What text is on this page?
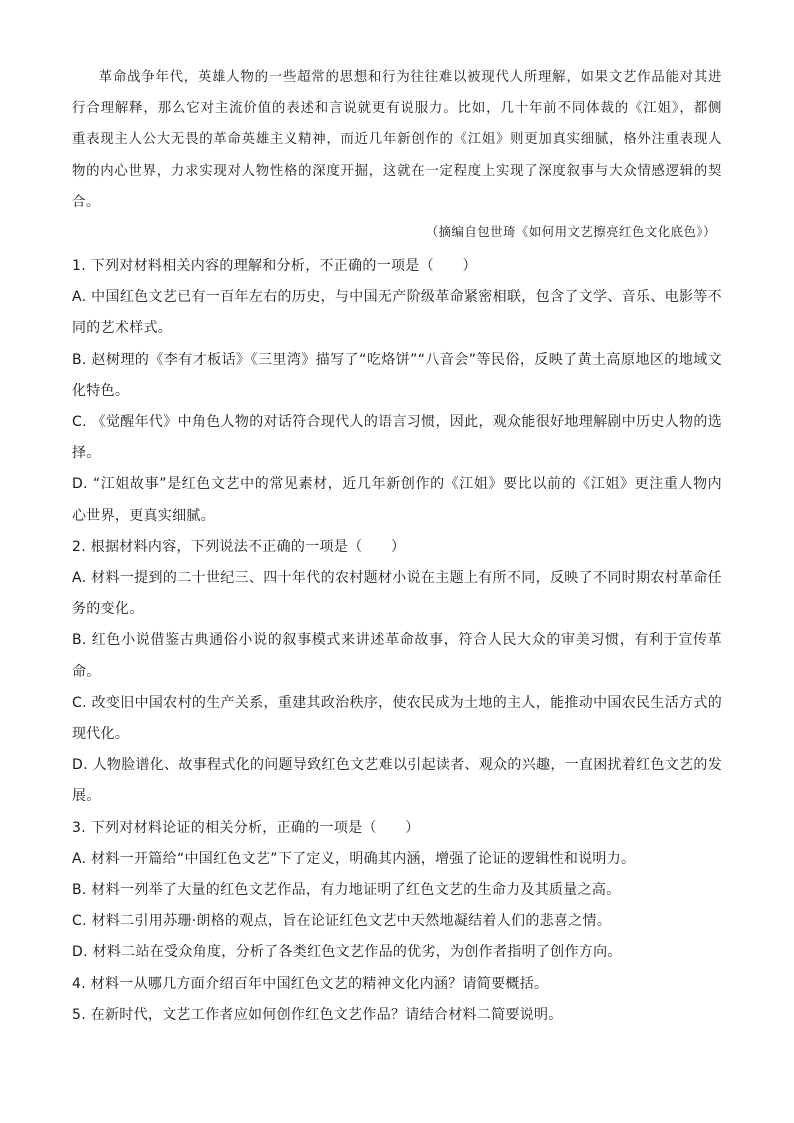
革命战争年代，英雄人物的一些超常的思想和行为往往难以被现代人所理解，如果文艺作品能对其进行合理解释，那么它对主流价值的表述和言说就更有说服力。比如，几十年前不同体裁的《江姐》，都侧重表现主人公大无畏的革命英雄主义精神，而近几年新创作的《江姐》则更加真实细腻，格外注重表现人物的内心世界，力求实现对人物性格的深度开掘，这就在一定程度上实现了深度叙事与大众情感逻辑的契合。

（摘编自包世琦《如何用文艺擦亮红色文化底色》）

1. 下列对材料相关内容的理解和分析，不正确的一项是（　　）

A. 中国红色文艺已有一百年左右的历史，与中国无产阶级革命紧密相联，包含了文学、音乐、电影等不同的艺术样式。

B. 赵树理的《李有才板话》《三里湾》描写了“吃烙饼”“八音会”等民俗，反映了黄土高原地区的地域文化特色。

C. 《觉醒年代》中角色人物的对话符合现代人的语言习惯，因此，观众能很好地理解剧中历史人物的选择。

D. “江姐故事”是红色文艺中的常见素材，近几年新创作的《江姐》要比以前的《江姐》更注重人物内心世界，更真实细腻。

2. 根据材料内容，下列说法不正确的一项是（　　）

A. 材料一提到的二十世纪三、四十年代的农村题材小说在主题上有所不同，反映了不同时期农村革命任务的变化。

B. 红色小说借鉴古典通俗小说的叙事模式来讲述革命故事，符合人民大众的审美习惯，有利于宣传革命。

C. 改变旧中国农村的生产关系，重建其政治秩序，使农民成为土地的主人，能推动中国农民生活方式的现代化。

D. 人物脸谱化、故事程式化的问题导致红色文艺难以引起读者、观众的兴趣，一直困扰着红色文艺的发展。

3. 下列对材料论证的相关分析，正确的一项是（　　）

A. 材料一开篇给“中国红色文艺”下了定义，明确其内涵，增强了论证的逻辑性和说明力。

B. 材料一列举了大量的红色文艺作品，有力地证明了红色文艺的生命力及其质量之高。

C. 材料二引用苏珊·朗格的观点，旨在论证红色文艺中天然地凝结着人们的悲喜之情。

D. 材料二站在受众角度，分析了各类红色文艺作品的优劣，为创作者指明了创作方向。

4. 材料一从哪几方面介绍百年中国红色文艺的精神文化内涵？请简要概括。

5. 在新时代，文艺工作者应如何创作红色文艺作品？请结合材料二简要说明。
